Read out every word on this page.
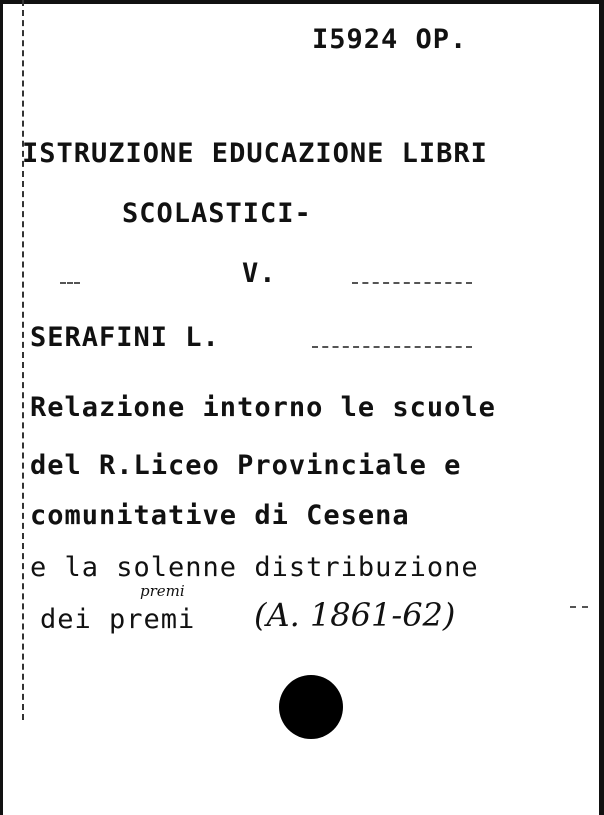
I5924 OP.
ISTRUZIONE EDUCAZIONE LIBRI
SCOLASTICI-
V.
SERAFINI L.
Relazione intorno le scuole
del R.Liceo Provinciale e
comunitative di Cesena
e la solenne distribuzione
dei premi
premi
(A. 1861-62)
